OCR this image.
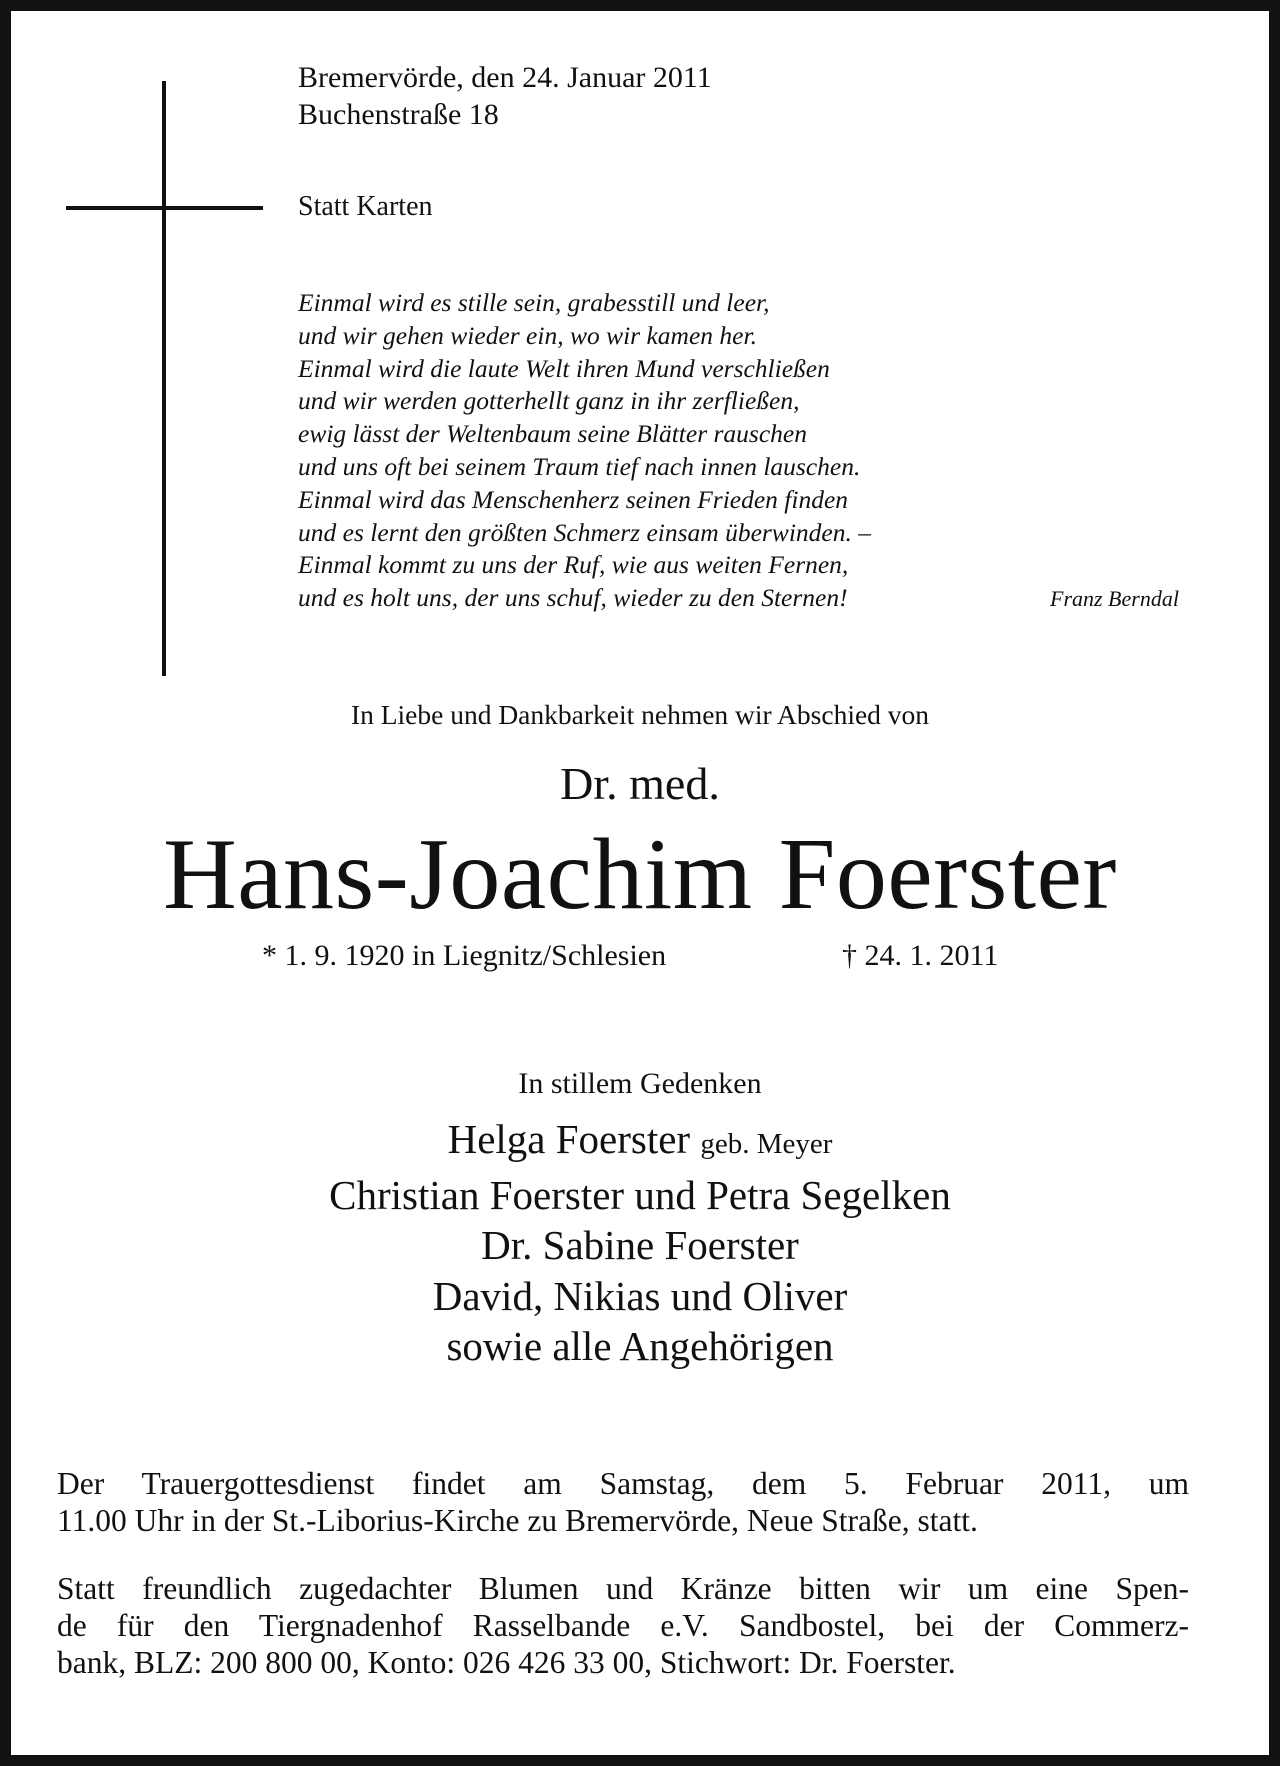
Bremervörde, den 24. Januar 2011
Buchenstraße 18
Statt Karten
Einmal wird es stille sein, grabesstill und leer,
und wir gehen wieder ein, wo wir kamen her.
Einmal wird die laute Welt ihren Mund verschließen
und wir werden gotterhellt ganz in ihr zerfließen,
ewig lässt der Weltenbaum seine Blätter rauschen
und uns oft bei seinem Traum tief nach innen lauschen.
Einmal wird das Menschenherz seinen Frieden finden
und es lernt den größten Schmerz einsam überwinden. –
Einmal kommt zu uns der Ruf, wie aus weiten Fernen,
und es holt uns, der uns schuf, wieder zu den Sternen!	Franz Berndal
In Liebe und Dankbarkeit nehmen wir Abschied von
Dr. med.
Hans-Joachim Foerster
* 1. 9. 1920 in Liegnitz/Schlesien	† 24. 1. 2011
In stillem Gedenken
Helga Foerster geb. Meyer
Christian Foerster und Petra Segelken
Dr. Sabine Foerster
David, Nikias und Oliver
sowie alle Angehörigen
Der Trauergottesdienst findet am Samstag, dem 5. Februar 2011, um
11.00 Uhr in der St.-Liborius-Kirche zu Bremervörde, Neue Straße, statt.
Statt freundlich zugedachter Blumen und Kränze bitten wir um eine Spen-
de für den Tiergnadenhof Rasselbande e.V. Sandbostel, bei der Commerz-
bank, BLZ: 200 800 00, Konto: 026 426 33 00, Stichwort: Dr. Foerster.
